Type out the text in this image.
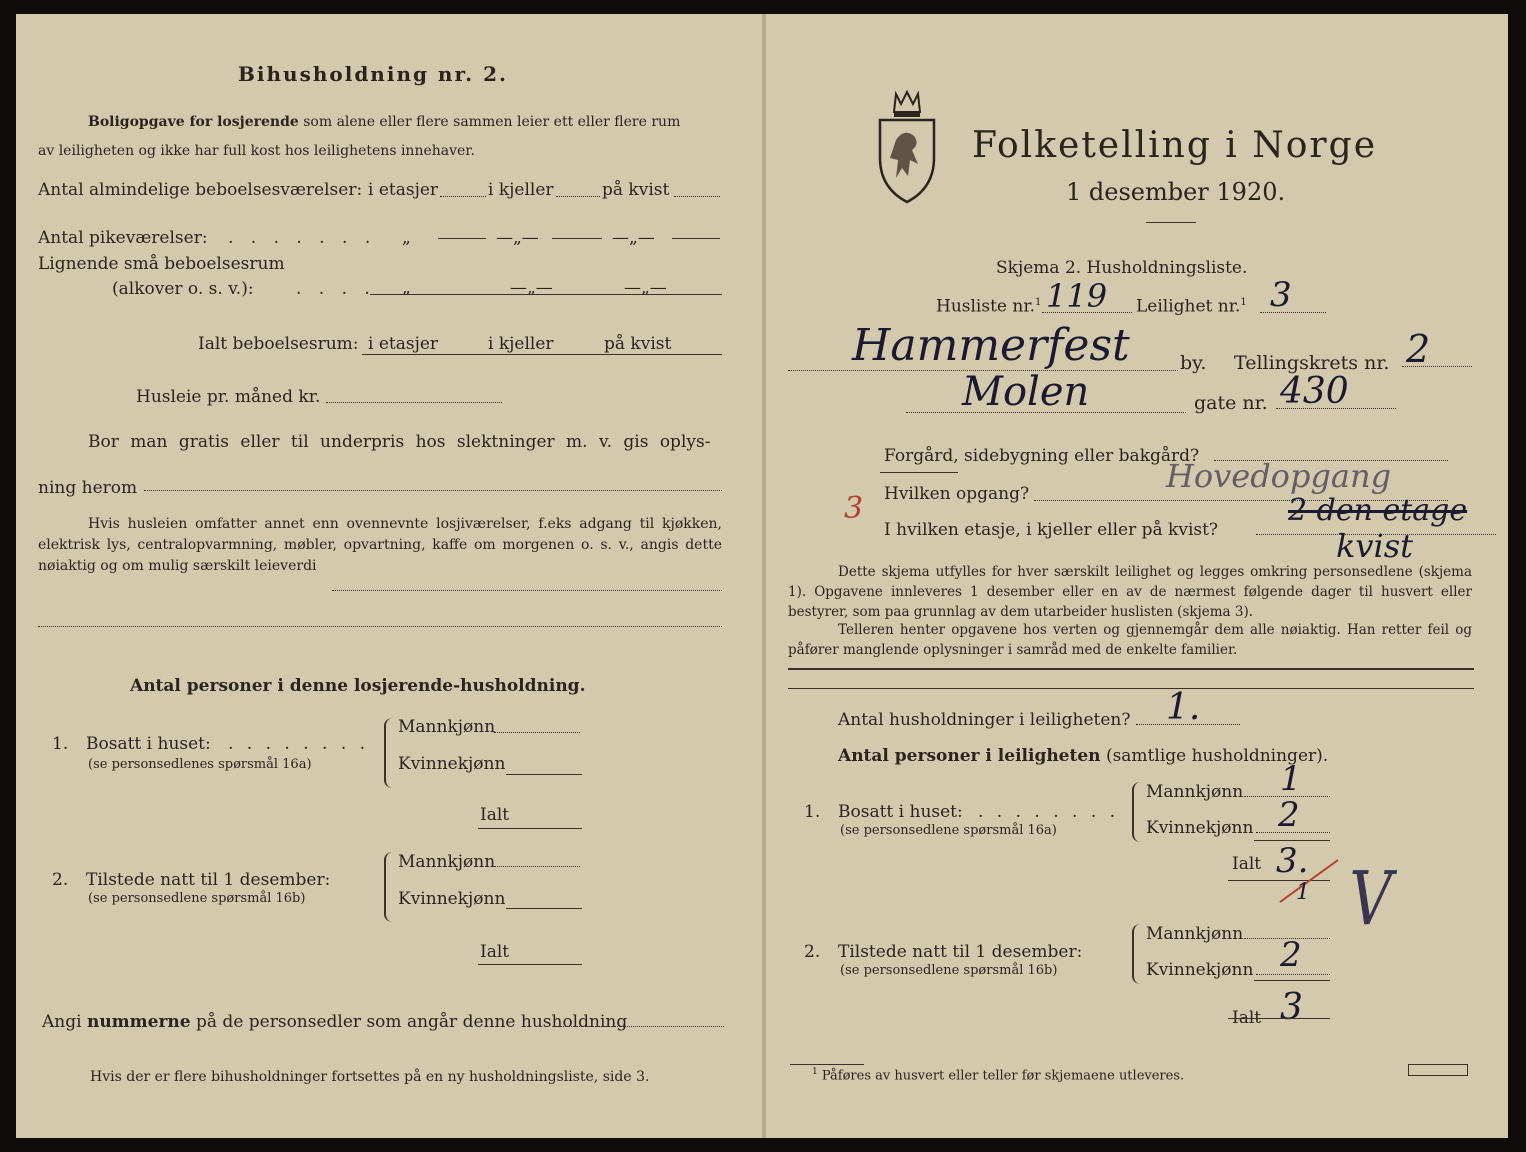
Bihusholdning nr. 2.
Boligopgave for losjerende som alene eller flere sammen leier ett eller flere rum
av leiligheten og ikke har full kost hos leilighetens innehaver.
Antal almindelige beboelsesværelser: i etasjer	i kjeller	på kvist
Antal pikeværelser: . . . . . . . „	—„—	—„—
Lignende små beboelsesrum
(alkover o. s. v.): . . . . „	—„—	—„—
Ialt beboelsesrum: i etasjer	i kjeller	på kvist
Husleie pr. måned kr.
Bor man gratis eller til underpris hos slektninger m. v. gis oplys-
ning herom
Hvis husleien omfatter annet enn ovennevnte losjiværelser, f.eks adgang til kjøkken, elektrisk lys, centralopvarmning, møbler, opvartning, kaffe om morgenen o. s. v., angis dette nøiaktig og om mulig særskilt leieverdi
Antal personer i denne losjerende-husholdning.
1. Bosatt i huset: . . . . . . . .
(se personsedlenes spørsmål 16a)
Mannkjønn
Kvinnekjønn
Ialt
2. Tilstede natt til 1 desember:
(se personsedlene spørsmål 16b)
Mannkjønn
Kvinnekjønn
Ialt
Angi nummerne på de personsedler som angår denne husholdning
Hvis der er flere bihusholdninger fortsettes på en ny husholdningsliste, side 3.
Folketelling i Norge
1 desember 1920.
Skjema 2. Husholdningsliste.
Husliste nr.$^1$ 119 Leilighet nr.$^1$ 3
Hammerfest	by. Tellingskrets nr. 2
Molen	gate nr. 430
Forgård, sidebygning eller bakgård?
Hvilken opgang?	Hovedopgang
3
I hvilken etasje, i kjeller eller på kvist?
2 den etage
kvist
Dette skjema utfylles for hver særskilt leilighet og legges omkring personsedlene (skjema 1). Opgavene innleveres 1 desember eller en av de nærmest følgende dager til husvert eller bestyrer, som paa grunnlag av dem utarbeider huslisten (skjema 3).
Telleren henter opgavene hos verten og gjennemgår dem alle nøiaktig. Han retter feil og påfører manglende oplysninger i samråd med de enkelte familier.
Antal husholdninger i leiligheten? 1.
Antal personer i leiligheten (samtlige husholdninger).
1. Bosatt i huset: . . . . . . . .
(se personsedlene spørsmål 16a)
Mannkjønn 1
Kvinnekjønn 2
Ialt 3.
1 V
2. Tilstede natt til 1 desember:
(se personsedlene spørsmål 16b)
Mannkjønn
Kvinnekjønn 2
Ialt 3
$^1$ Påføres av husvert eller teller før skjemaene utleveres.
